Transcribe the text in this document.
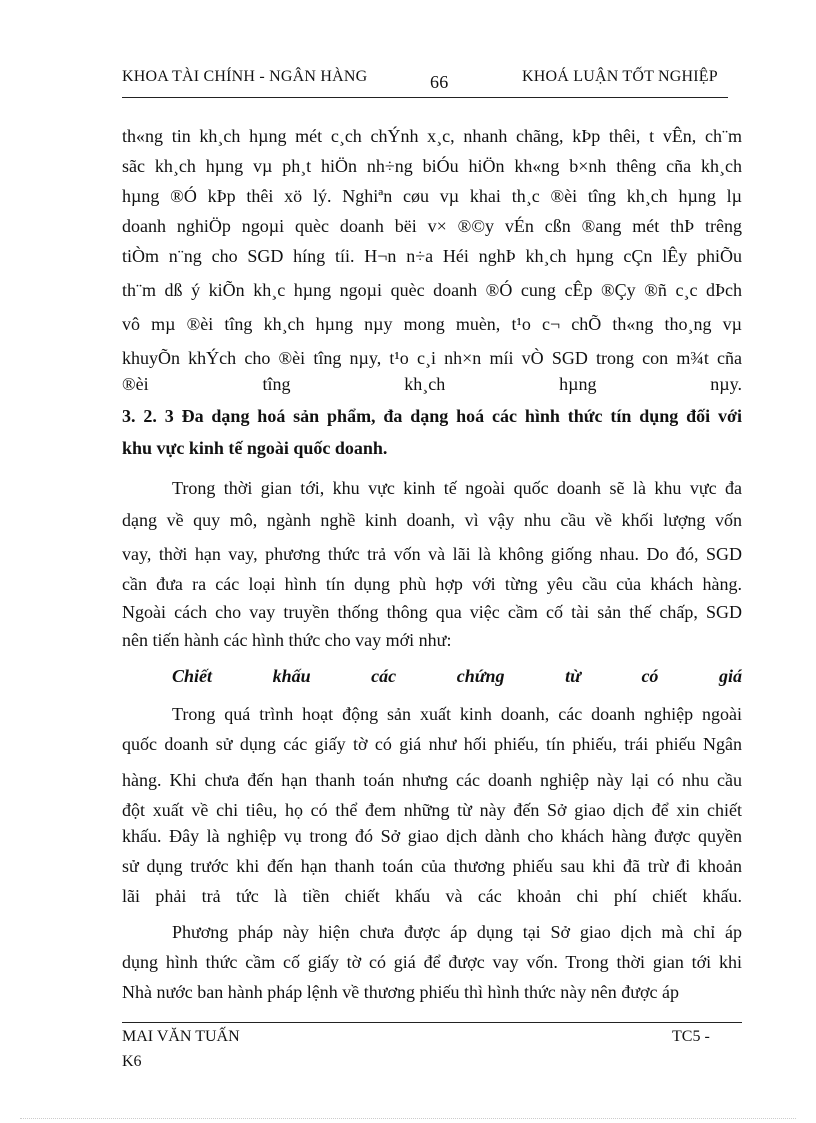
KHOA TÀI CHÍNH - NGÂN HÀNG	66	KHOÁ LUẬN TỐT NGHIỆP
th«ng tin kh¸ch hµng mét c¸ch chÝnh x¸c, nhanh chãng, kÞp thêi, t vÊn, ch¨m
sãc kh¸ch hµng vµ ph¸t hiÖn nh÷ng biÓu hiÖn kh«ng b×nh thêng cña kh¸ch
hµng ®Ó kÞp thêi xö lý. Nghiªn cøu vµ khai th¸c ®èi tîng kh¸ch hµng lµ
doanh nghiÖp ngoµi quèc doanh bëi v× ®©y vÉn cßn ®ang mét thÞ trêng
tiÒm n¨ng cho SGD híng tíi. H¬n n÷a Héi nghÞ kh¸ch hµng cÇn lÊy phiÕu
th¨m dß ý kiÕn kh¸c hµng ngoµi quèc doanh ®Ó cung cÊp ®Çy ®ñ c¸c dÞch
vô mµ ®èi tîng kh¸ch hµng nµy mong muèn, t¹o c¬ chÕ th«ng tho¸ng vµ
khuyÕn khÝch cho ®èi tîng nµy, t¹o c¸i nh×n míi vÒ SGD trong con m¾t cña
®èi tîng kh¸ch hµng nµy.
3. 2. 3 Đa dạng hoá sản phẩm, đa dạng hoá các hình thức tín dụng đối với
khu vực kinh tế ngoài quốc doanh.
Trong thời gian tới, khu vực kinh tế ngoài quốc doanh sẽ là khu vực đa
dạng về quy mô, ngành nghề kinh doanh, vì vậy nhu cầu về khối lượng vốn
vay, thời hạn vay, phương thức trả vốn và lãi là không giống nhau. Do đó, SGD
cần đưa ra các loại hình tín dụng phù hợp với từng yêu cầu của khách hàng.
Ngoài cách cho vay truyền thống thông qua việc cầm cố tài sản thế chấp, SGD
nên tiến hành các hình thức cho vay mới như:
Chiết khấu các chứng từ có giá
Trong quá trình hoạt động sản xuất kinh doanh, các doanh nghiệp ngoài
quốc doanh sử dụng các giấy tờ có giá như hối phiếu, tín phiếu, trái phiếu Ngân
hàng. Khi chưa đến hạn thanh toán nhưng các doanh nghiệp này lại có nhu cầu
đột xuất về chi tiêu, họ có thể đem những từ này đến Sở giao dịch để xin chiết
khấu. Đây là nghiệp vụ trong đó Sở giao dịch dành cho khách hàng được quyền
sử dụng trước khi đến hạn thanh toán của thương phiếu sau khi đã trừ đi khoản
lãi phải trả tức là tiền chiết khấu và các khoản chi phí chiết khấu.
Phương pháp này hiện chưa được áp dụng tại Sở giao dịch mà chỉ áp
dụng hình thức cầm cố giấy tờ có giá để được vay vốn. Trong thời gian tới khi
Nhà nước ban hành pháp lệnh về thương phiếu thì hình thức này nên được áp
MAI VĂN TUẤN
K6
TC5 -
